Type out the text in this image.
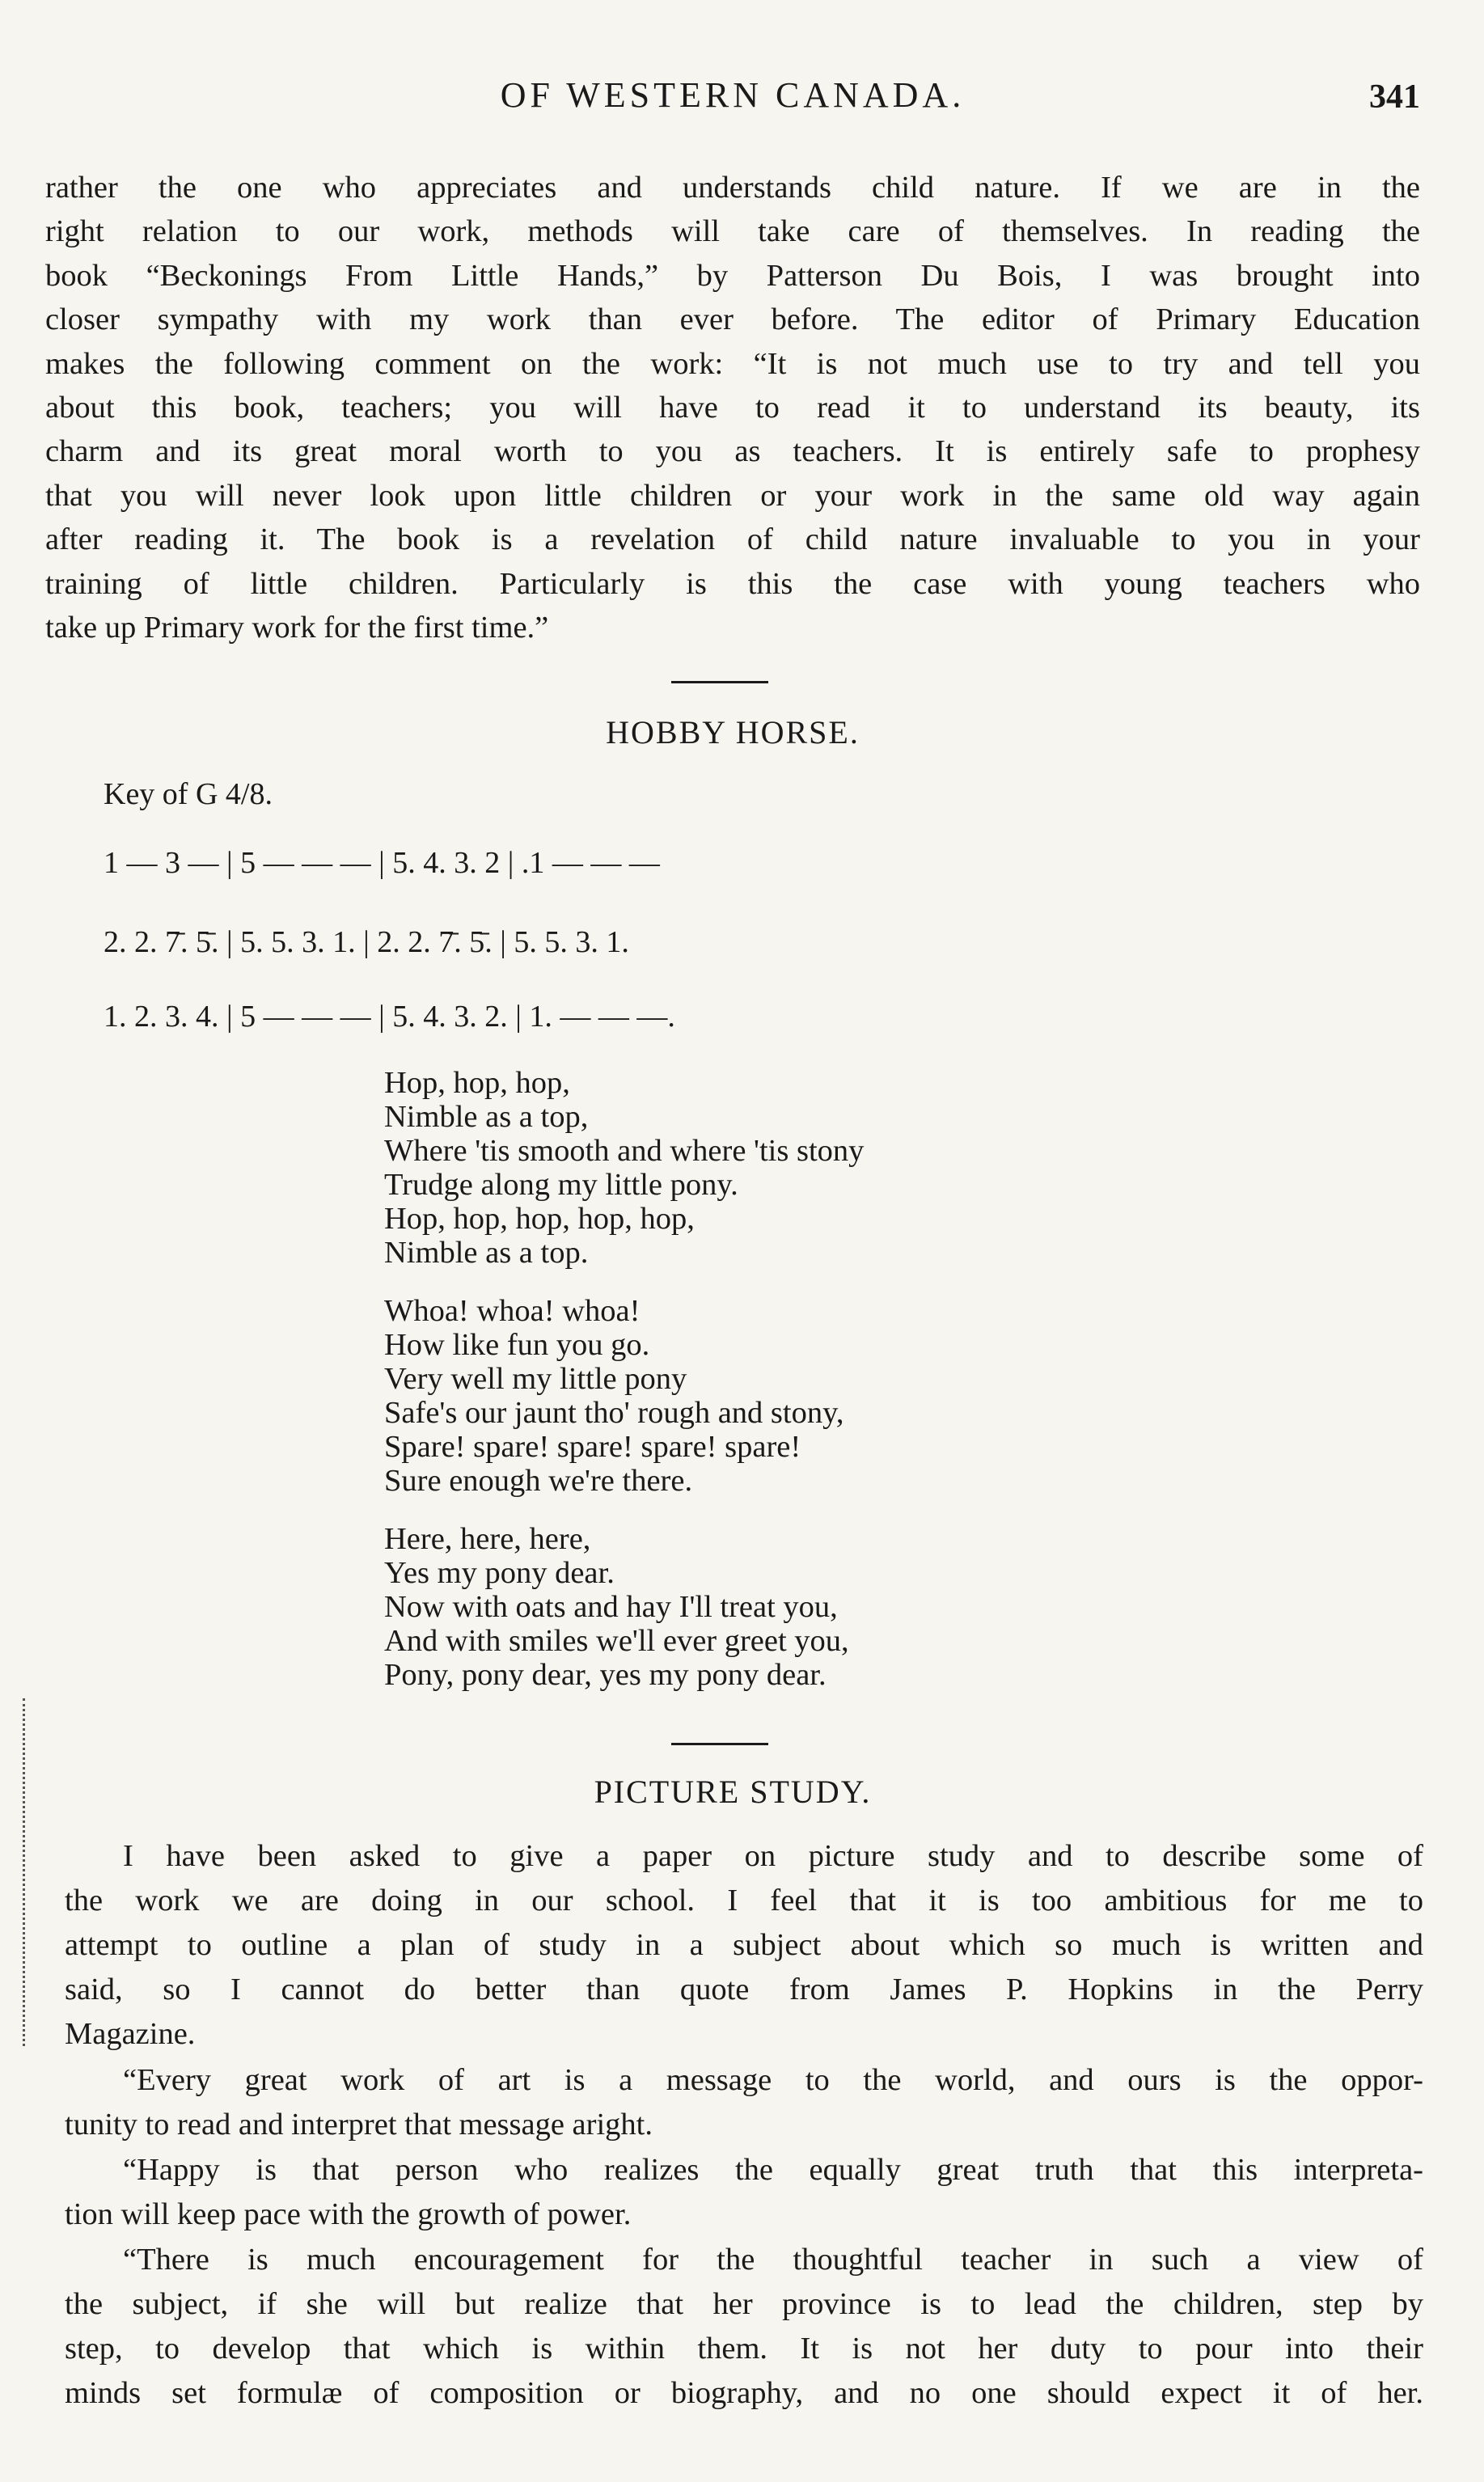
OF WESTERN CANADA.	341

rather the one who appreciates and understands child nature. If we are in the
right relation to our work, methods will take care of themselves. In reading the
book “Beckonings From Little Hands,” by Patterson Du Bois, I was brought into
closer sympathy with my work than ever before. The editor of Primary Education
makes the following comment on the work: “It is not much use to try and tell you
about this book, teachers; you will have to read it to understand its beauty, its
charm and its great moral worth to you as teachers. It is entirely safe to prophesy
that you will never look upon little children or your work in the same old way again
after reading it. The book is a revelation of child nature invaluable to you in your
training of little children. Particularly is this the case with young teachers who
take up Primary work for the first time.”

HOBBY HORSE.
Key of G 4/8.
1 — 3 — | 5 — — — | 5. 4. 3. 2 | .1 — — —
2. 2. 7̄. 5̄. | 5. 5. 3. 1. | 2. 2. 7̄. 5̄. | 5. 5. 3. 1.
1. 2. 3. 4. | 5 — — — | 5. 4. 3. 2. | 1. — — —.
Hop, hop, hop,
Nimble as a top,
Where 'tis smooth and where 'tis stony
Trudge along my little pony.
Hop, hop, hop, hop, hop,
Nimble as a top.
Whoa! whoa! whoa!
How like fun you go.
Very well my little pony
Safe's our jaunt tho' rough and stony,
Spare! spare! spare! spare! spare!
Sure enough we're there.
Here, here, here,
Yes my pony dear.
Now with oats and hay I'll treat you,
And with smiles we'll ever greet you,
Pony, pony dear, yes my pony dear.
PICTURE STUDY.

I have been asked to give a paper on picture study and to describe some of
the work we are doing in our school. I feel that it is too ambitious for me to
attempt to outline a plan of study in a subject about which so much is written and
said, so I cannot do better than quote from James P. Hopkins in the Perry
Magazine.

“Every great work of art is a message to the world, and ours is the oppor-
tunity to read and interpret that message aright.

“Happy is that person who realizes the equally great truth that this interpreta-
tion will keep pace with the growth of power.

“There is much encouragement for the thoughtful teacher in such a view of
the subject, if she will but realize that her province is to lead the children, step by
step, to develop that which is within them. It is not her duty to pour into their
minds set formulæ of composition or biography, and no one should expect it of her.
